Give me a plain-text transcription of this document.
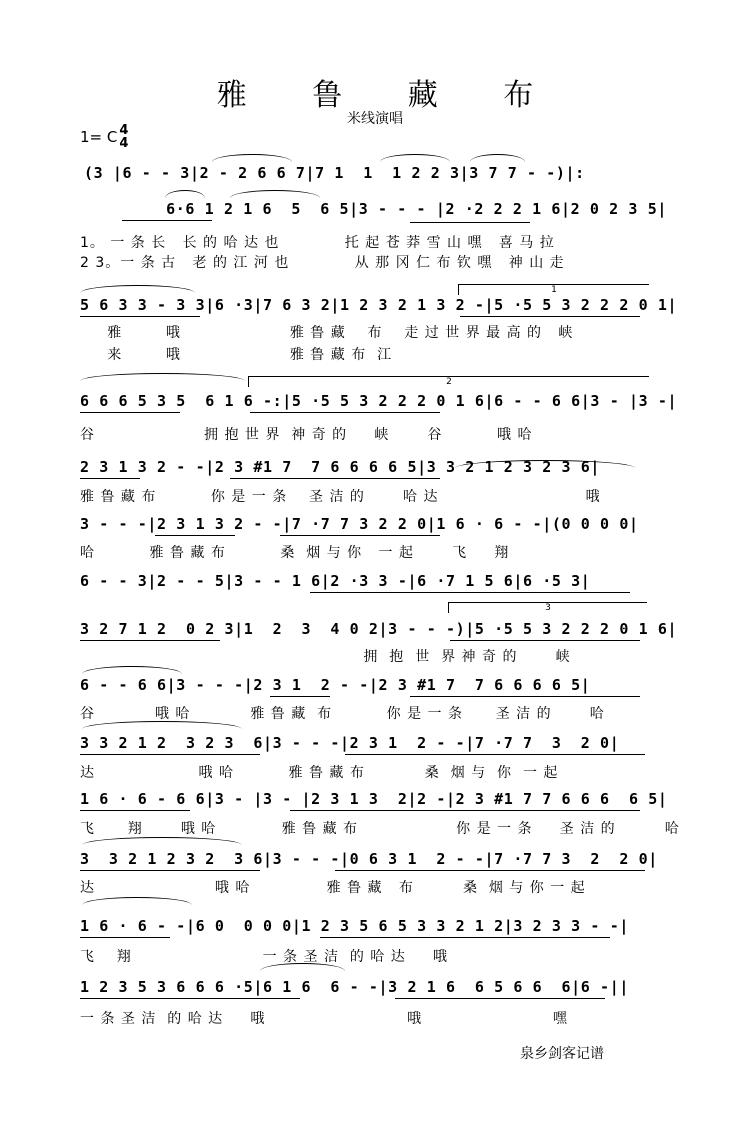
雅 鲁 藏 布
米线演唱
1= C 4
4
1
2
3
(3 |6 - - 3|2 - 2 6 6 7|7 1  1  1 2 2 3|3 7 7 - -)|:
6·6 1 2 1 6  5  6 5|3 - - - |2 ·2 2 2 1 6|2 0 2 3 5|
1。 一 条 长   长 的 哈 达 也            托 起 苍 莽 雪 山 嘿   喜 马 拉
2 3。一 条 古   老 的 江 河 也            从 那 冈 仁 布 钦 嘿   神 山 走
5 6 3 3 - 3 3|6 ·3|7 6 3 2|1 2 3 2 1 3 2 -|5 ·5 5 3 2 2 2 0 1|
雅        哦                    雅 鲁 藏    布    走 过 世 界 最 高 的   峡
来        哦                    雅 鲁 藏 布  江
6 6 6 5 3 5  6 1 6 -:|5 ·5 5 3 2 2 2 0 1 6|6 - - 6 6|3 - |3 -|
谷                    拥 抱 世 界  神 奇 的     峡       谷          哦 哈
2 3 1 3 2 - -|2 3 #1 7  7 6 6 6 6 5|3 3 2 1 2 3 2 3 6|
雅 鲁 藏 布          你 是 一 条    圣 洁 的       哈 达                           哦
3 - - -|2 3 1 3 2 - -|7 ·7 7 3 2 2 0|1 6 · 6 - -|(0 0 0 0|
哈          雅 鲁 藏 布          桑  烟 与 你   一 起       飞     翔
6 - - 3|2 - - 5|3 - - 1 6|2 ·3 3 -|6 ·7 1 5 6|6 ·5 3|
3 2 7 1 2  0 2 3|1  2  3  4 0 2|3 - - -)|5 ·5 5 3 2 2 2 0 1 6|
拥  抱  世  界 神 奇 的       峡
6 - - 6 6|3 - - -|2 3 1  2 - -|2 3 #1 7  7 6 6 6 6 5|
谷           哦 哈           雅 鲁 藏  布          你 是 一 条      圣 洁 的       哈
3 3 2 1 2  3 2 3  6|3 - - -|2 3 1  2 - -|7 ·7 7  3  2 0|
达                   哦 哈          雅 鲁 藏 布           桑  烟 与  你  一 起
1 6 · 6 - 6 6|3 - |3 - |2 3 1 3  2|2 -|2 3 #1 7 7 6 6 6  6 5|
飞      翔       哦 哈            雅 鲁 藏 布                  你 是 一 条     圣 洁 的         哈
3  3 2 1 2 3 2  3 6|3 - - -|0 6 3 1  2 - -|7 ·7 7 3  2  2 0|
达                      哦 哈              雅 鲁 藏   布         桑  烟 与 你 一 起
1 6 · 6 - -|6 0  0 0 0|1 2 3 5 6 5 3 3 2 1 2|3 2 3 3 - -|
飞    翔                        一 条 圣 洁  的 哈 达     哦
1 2 3 5 3 6 6 6 ·5|6 1 6  6 - -|3 2 1 6  6 5 6 6  6|6 -||
一 条 圣 洁  的 哈 达     哦                          哦                        嘿
泉乡剑客记谱
